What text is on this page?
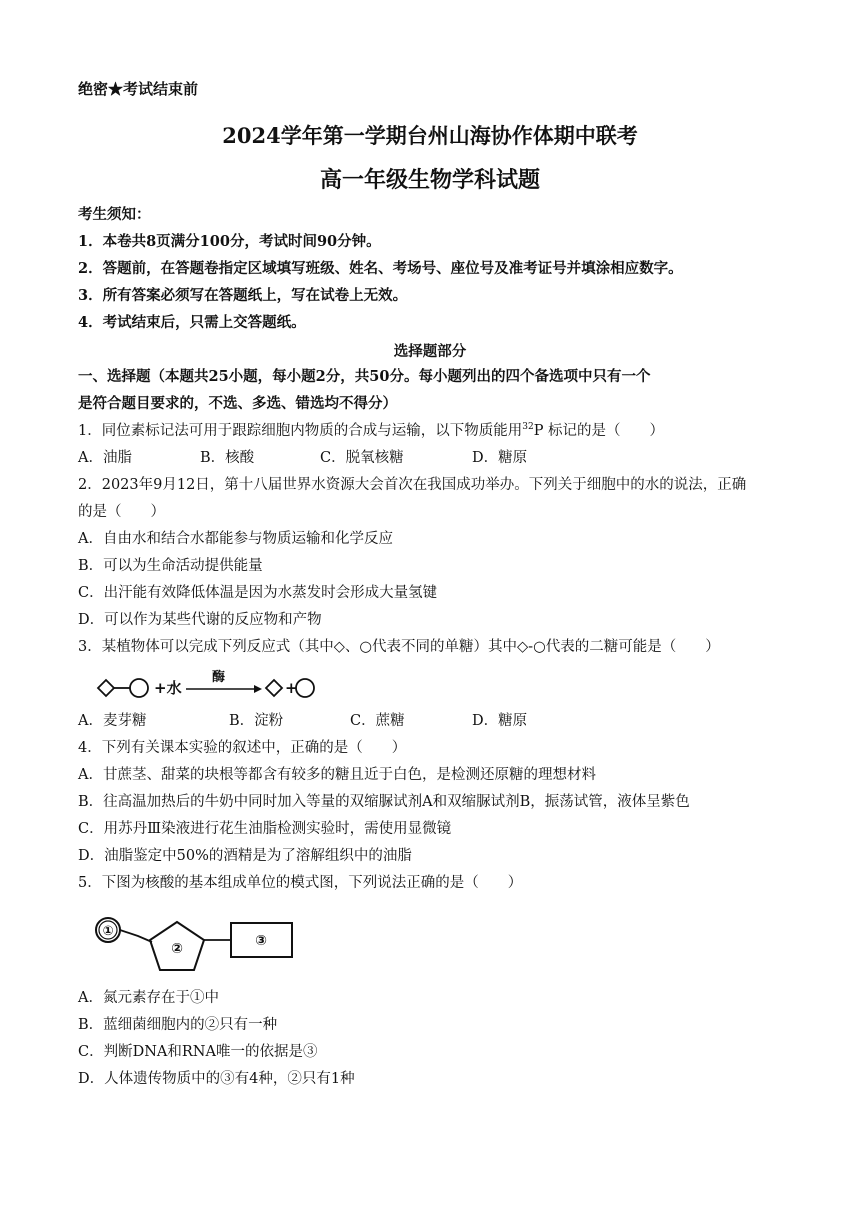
绝密★考试结束前
2024学年第一学期台州山海协作体期中联考
高一年级生物学科试题
考生须知：
1．本卷共8页满分100分，考试时间90分钟。
2．答题前，在答题卷指定区域填写班级、姓名、考场号、座位号及准考证号并填涂相应数字。
3．所有答案必须写在答题纸上，写在试卷上无效。
4．考试结束后，只需上交答题纸。
选择题部分
一、选择题（本题共25小题，每小题2分，共50分。每小题列出的四个备选项中只有一个
是符合题目要求的，不选、多选、错选均不得分）
1．同位素标记法可用于跟踪细胞内物质的合成与运输，以下物质能用$^{32}$P 标记的是（　　）
A．油脂	B．核酸	C．脱氧核糖	D．糖原
2．2023年9月12日，第十八届世界水资源大会首次在我国成功举办。下列关于细胞中的水的说法，正确
的是（　　）
A．自由水和结合水都能参与物质运输和化学反应
B．可以为生命活动提供能量
C．出汗能有效降低体温是因为水蒸发时会形成大量氢键
D．可以作为某些代谢的反应物和产物
3．某植物体可以完成下列反应式（其中◇、○代表不同的单糖）其中◇-○代表的二糖可能是（　　）
+水
酶
+
A．麦芽糖	B．淀粉	C．蔗糖	D．糖原
4．下列有关课本实验的叙述中，正确的是（　　）
A．甘蔗茎、甜菜的块根等都含有较多的糖且近于白色，是检测还原糖的理想材料
B．往高温加热后的牛奶中同时加入等量的双缩脲试剂A和双缩脲试剂B，振荡试管，液体呈紫色
C．用苏丹Ⅲ染液进行花生油脂检测实验时，需使用显微镜
D．油脂鉴定中50%的酒精是为了溶解组织中的油脂
5．下图为核酸的基本组成单位的模式图，下列说法正确的是（　　）
①
②	③
A．氮元素存在于①中
B．蓝细菌细胞内的②只有一种
C．判断DNA和RNA唯一的依据是③
D．人体遗传物质中的③有4种，②只有1种
